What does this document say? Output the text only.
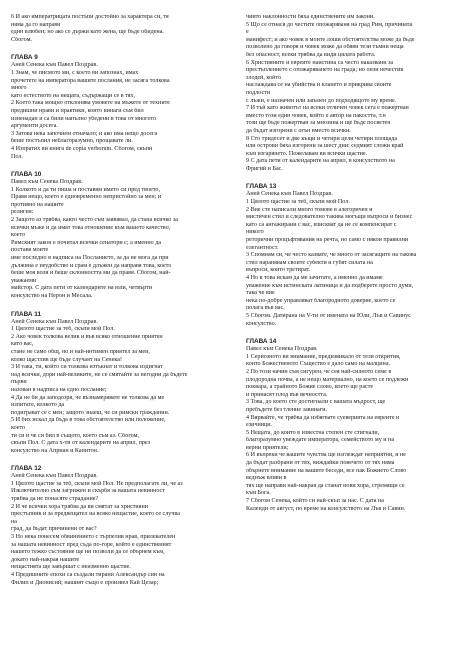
6 И ако императрицата постъпи достойно за характера си, тя
няма да го направи
един влюбен; но ако се държи като жена, ще бъде обидена.
Сбогом.
ГЛАВА 9
Аней Сенека към Павел Поздрав.
1 Знам, че писмото ми, с което ви запознах, имах
прочетете на императора вашите послания, не засяга толкова
много
като естеството на нещата, съдържащи се в тях,
2 Което така мощно отклонява умовете на мъжете от техните
предишни нрави и практики, които винаги съм бил
изненадан и са били напълно убедени в това от многото
аргументи досега.
3 Затова нека започнем отначало; и ако има нещо досега
беше постъпил неблагоразумно, прощавате ли.
4 Изпратих ви книга de copia verborum. Сбогом, скъпи
Пол.
ГЛАВА 10
Павел към Сенека Поздрав.
1 Колкото и да ти пиша и поставям името си пред твоето,
Правя нещо, което е едновременно непристойно за мен; и
противно на нашите
религия:
2 Защото аз трябва, както често съм заявявал, да стана всичко за
всички мъже и да имат това отношение към вашето качество,
което
Римският закон е почитал всички сенатори с; а именно да
поставя моите
име последно в надписа на Посланието, за да не мога да при
дължина е неудобство и срам е длъжен да направя това, което
беше моя воля и беше склонността ми да правя. Сбогом, най-
уважаеми
майстор. С дата пети от календарите на юли, четвърти
консулство на Нерон и Месала.
ГЛАВА 11
Аней Сенека към Павел Поздрав.
1 Цялото щастие за теб, скъпи мой Пол.
2 Ако човек толкова велик и във всяко отношение приятен
като вас,
стане не само общ, но и най-интимен приятел за мен,
колко щастлив ще бъде случаят на Сенека!
3 И така, ти, който си толкова изтъкнат и толкова издигнат
над всички, дори най-великите, не се смятайте за негодни да бъдете
първи
назован в надписа на едно послание;
4 Да не би да заподозря, че възнамерявате не толкова да ме
изпитате, колкото да
подиграват се с мен; защото знаеш, че си римски гражданин.
5 И бих искал да бъда в това обстоятелство или положение,
което
ти си и че си бил в същото, което съм аз. Сбогом,
скъпи Пол. С дата х-ти от календарите на април, през
консулство на Априан и Капитон.
ГЛАВА 12
Аней Сенека към Павел Поздрав.
1 Цялото щастие за теб, скъпи мой Пол. Не предполагате ли, че аз
Изключително съм загрижен и скърбя за вашата невинност
трябва да не понасяте страдание?
2 И че всички хора трябва да ви смятат за християни
престъпник и за предвещател на всяко нещастие, което се случва
на
град, да бъдат причинени от вас?
3 Но нека понесем обвинението с търпелив нрав, прилекателен
за нашата невинност пред съда по-горе, който е единственият
нашето тежко състояние ще ни позволи да се обърнем към,
докато най-накрая нашите
нещастията ще завършат с неизменно щастие.
4 Предишните епохи са създали тирани Александър син на
Филип и Дионисий; нашият също е произвел Кай Цезар;
чиито наклонности бяха единствените им закони.
5 Що се отнася до честите опожаряваня на град Рим, причината
е
манифест; и ако човек в моите лоши обстоятелства може да бъде
позволено да говоря и човек може да обяви тези тъмни неща
без опасност, всеки трябва да види цялата работа.
6 Християните и евреите наистина са често наказвани за
престъплението с опожаряването на града; но онзи нечестив
злодей, който
наслаждава се на убийства и клането и прикрива своите
подлости
с лъжи, е назначен или запазен до подходящото му време.
7 И тъй като животът на всеки отличен човек сега е пожертван
вместо този един човек, който е автор на пакостта, т.н
този ще бъде пожертван за мнозина и ще бъде посветен
да бъдат изгорени с огън вместо всички.
8 Сто тридесет и две къщи и четири цели четири площада
или острови бяха изгорени за шест дни: седмият сложи край
към изгарянето. Пожелавам ви всички щастие.
9 С дата пети от календарите на април, в консулството на
Фригий и Бас.
ГЛАВА 13
Аней Сенека към Павел Поздрав.
1 Цялото щастие за теб, скъпи мой Пол.
2 Вие сте написали много томове в алегоричен и
мистичен стил и следователно такива могъщи въпроси и бизнес
като са ангажирани с вас, изискват да не се компенсират с
никого
реторични процъфтявания на речта, но само с някои правилни
елегантност.
3 Спомням си, че често казвате, че много от засягащите на такова
стил наранявам своите субекти и губят силата на
въпроси, които третират.
4 Но в това искам да ме зачитате, а именно да имаме
уважение към истинската латиница и да подберете просто думи,
така че вие
нека по-добре управляват благородното доверие, което се
полага във вас.
5 Сбогом. Датирана на V-ти от имената на Юли, Лъв и Савинус
консулство.
ГЛАВА 14
Павел към Сенека Поздрав.
1 Сериозното ви внимание, предизвикало от тези открития,
които Божественото Същество е дало само на малцина.
2 По този начин съм сигурен, че сея най-силното семе в
плодородна почва, а не нещо материално, на което се подлежи
поквара, а трайното Божие слово, което ще расте
и принасят плод във вечността.
3 Това, до което сте достигнали с вашата мъдрост, ще
пребъдете без тление завинаги.
4 Вярвайте, че трябва да избягвате суеверията на евреите и
езичници.
5 Нещата, до които в известна степен сте стигнали,
благоразумно увеждате императора, семейството му и на
верни приятели;
6 И въпреки че вашите чувства ще изглеждат неприятни, и не
да бъдат разбрани от тях, виждайки повечето от тях няма
обърнете внимание на вашите беседи, все пак Божието Слово
веднъж вливи в
тях ще направи най-накрая да станат нови хора, стремящи се
към Бога.
7 Сбогом Сенека, който си най-скъп за нас. С дата на
Календи от август, по време на консулството на Лъв и Савин.
